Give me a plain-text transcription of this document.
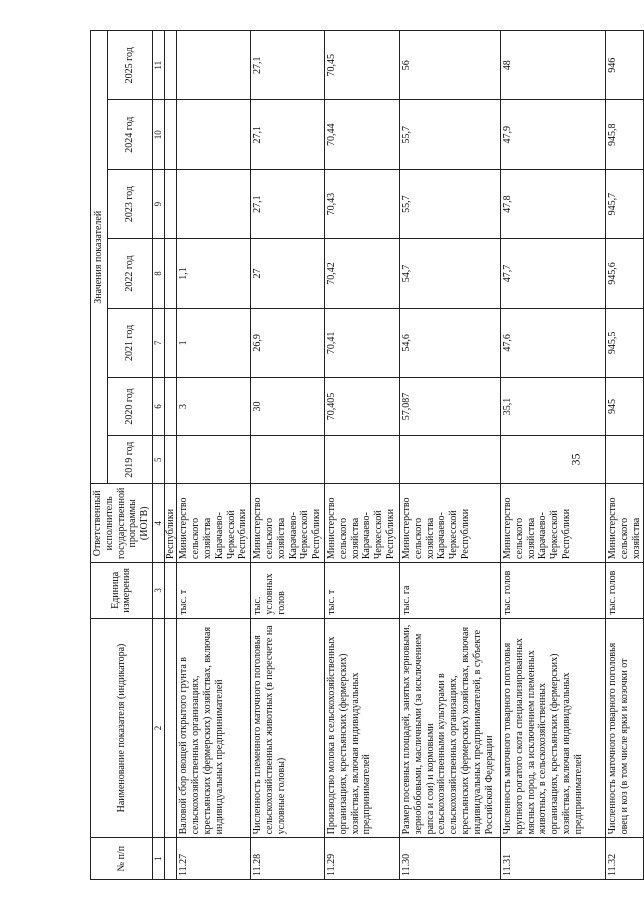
№ п/п	Наименование показателя (индикатора)	Единица измерения	Ответственный исполнитель государственной программы (ИОГВ)	Значения показателей						
				2019 год	2020 год	2021 год	2022 год	2023 год	2024 год	2025 год
1	2	3	4	5	6	7	8	9	10	11
			Республики							
11.27	Валовой сбор овощей открытого грунта в сельскохозяйственных организациях, крестьянских (фермерских) хозяйствах, включая индивидуальных предпринимателей	тыс. т	Министерство сельского хозяйства Карачаево-Черкесской Республики		3	1	1,1			
11.28	Численность племенного маточного поголовья сельскохозяйственных животных (в пересчете на условные головы)	тыс. условных голов	Министерство сельского хозяйства Карачаево-Черкесской Республики		30	26,9	27	27,1	27,1	27,1
11.29	Производство молока в сельскохозяйственных организациях, крестьянских (фермерских) хозяйствах, включая индивидуальных предпринимателей	тыс. т	Министерство сельского хозяйства Карачаево-Черкесской Республики		70,405	70,41	70,42	70,43	70,44	70,45
11.30	Размер посевных площадей, занятых зерновыми, зернобобовыми, масличными (за исключением рапса и сои) и кормовыми сельскохозяйственными культурами в сельскохозяйственных организациях, крестьянских (фермерских) хозяйствах, включая индивидуальных предпринимателей, в субъекте Российской Федерации	тыс. га	Министерство сельского хозяйства Карачаево-Черкесской Республики		57,087	54,6	54,7	55,7	55,7	56
11.31	Численность маточного товарного поголовья крупного рогатого скота специализированных мясных пород, за исключением племенных животных, в сельскохозяйственных организациях, крестьянских (фермерских) хозяйствах, включая индивидуальных предпринимателей	тыс. голов	Министерство сельского хозяйства Карачаево-Черкесской Республики		35,1	47,6	47,7	47,8	47,9	48
11.32	Численность маточного товарного поголовья овец и коз (в том числе ярки и козочки от	тыс. голов	Министерство сельского хозяйства		945	945,5	945,6	945,7	945,8	946
35
